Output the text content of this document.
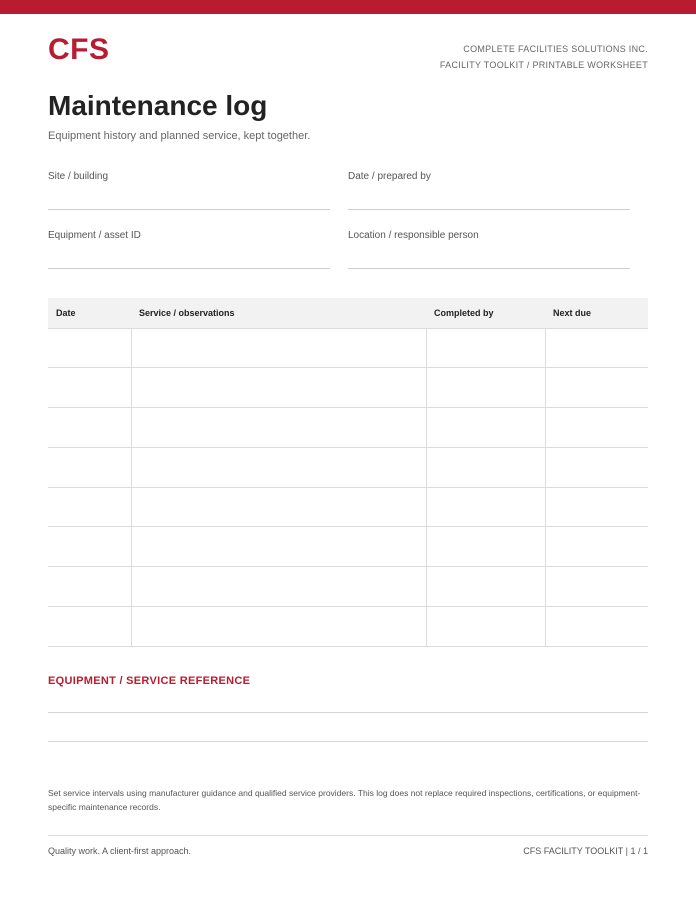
CFS	COMPLETE FACILITIES SOLUTIONS INC.
FACILITY TOOLKIT / PRINTABLE WORKSHEET
Maintenance log

Equipment history and planned service, kept together.

Site / building	Date / prepared by
Equipment / asset ID	Location / responsible person
Date	Service / observations	Completed by	Next due

EQUIPMENT / SERVICE REFERENCE

Set service intervals using manufacturer guidance and qualified service providers. This log does not replace required inspections, certifications, or equipment-specific maintenance records.

Quality work. A client-first approach.	CFS FACILITY TOOLKIT | 1 / 1
